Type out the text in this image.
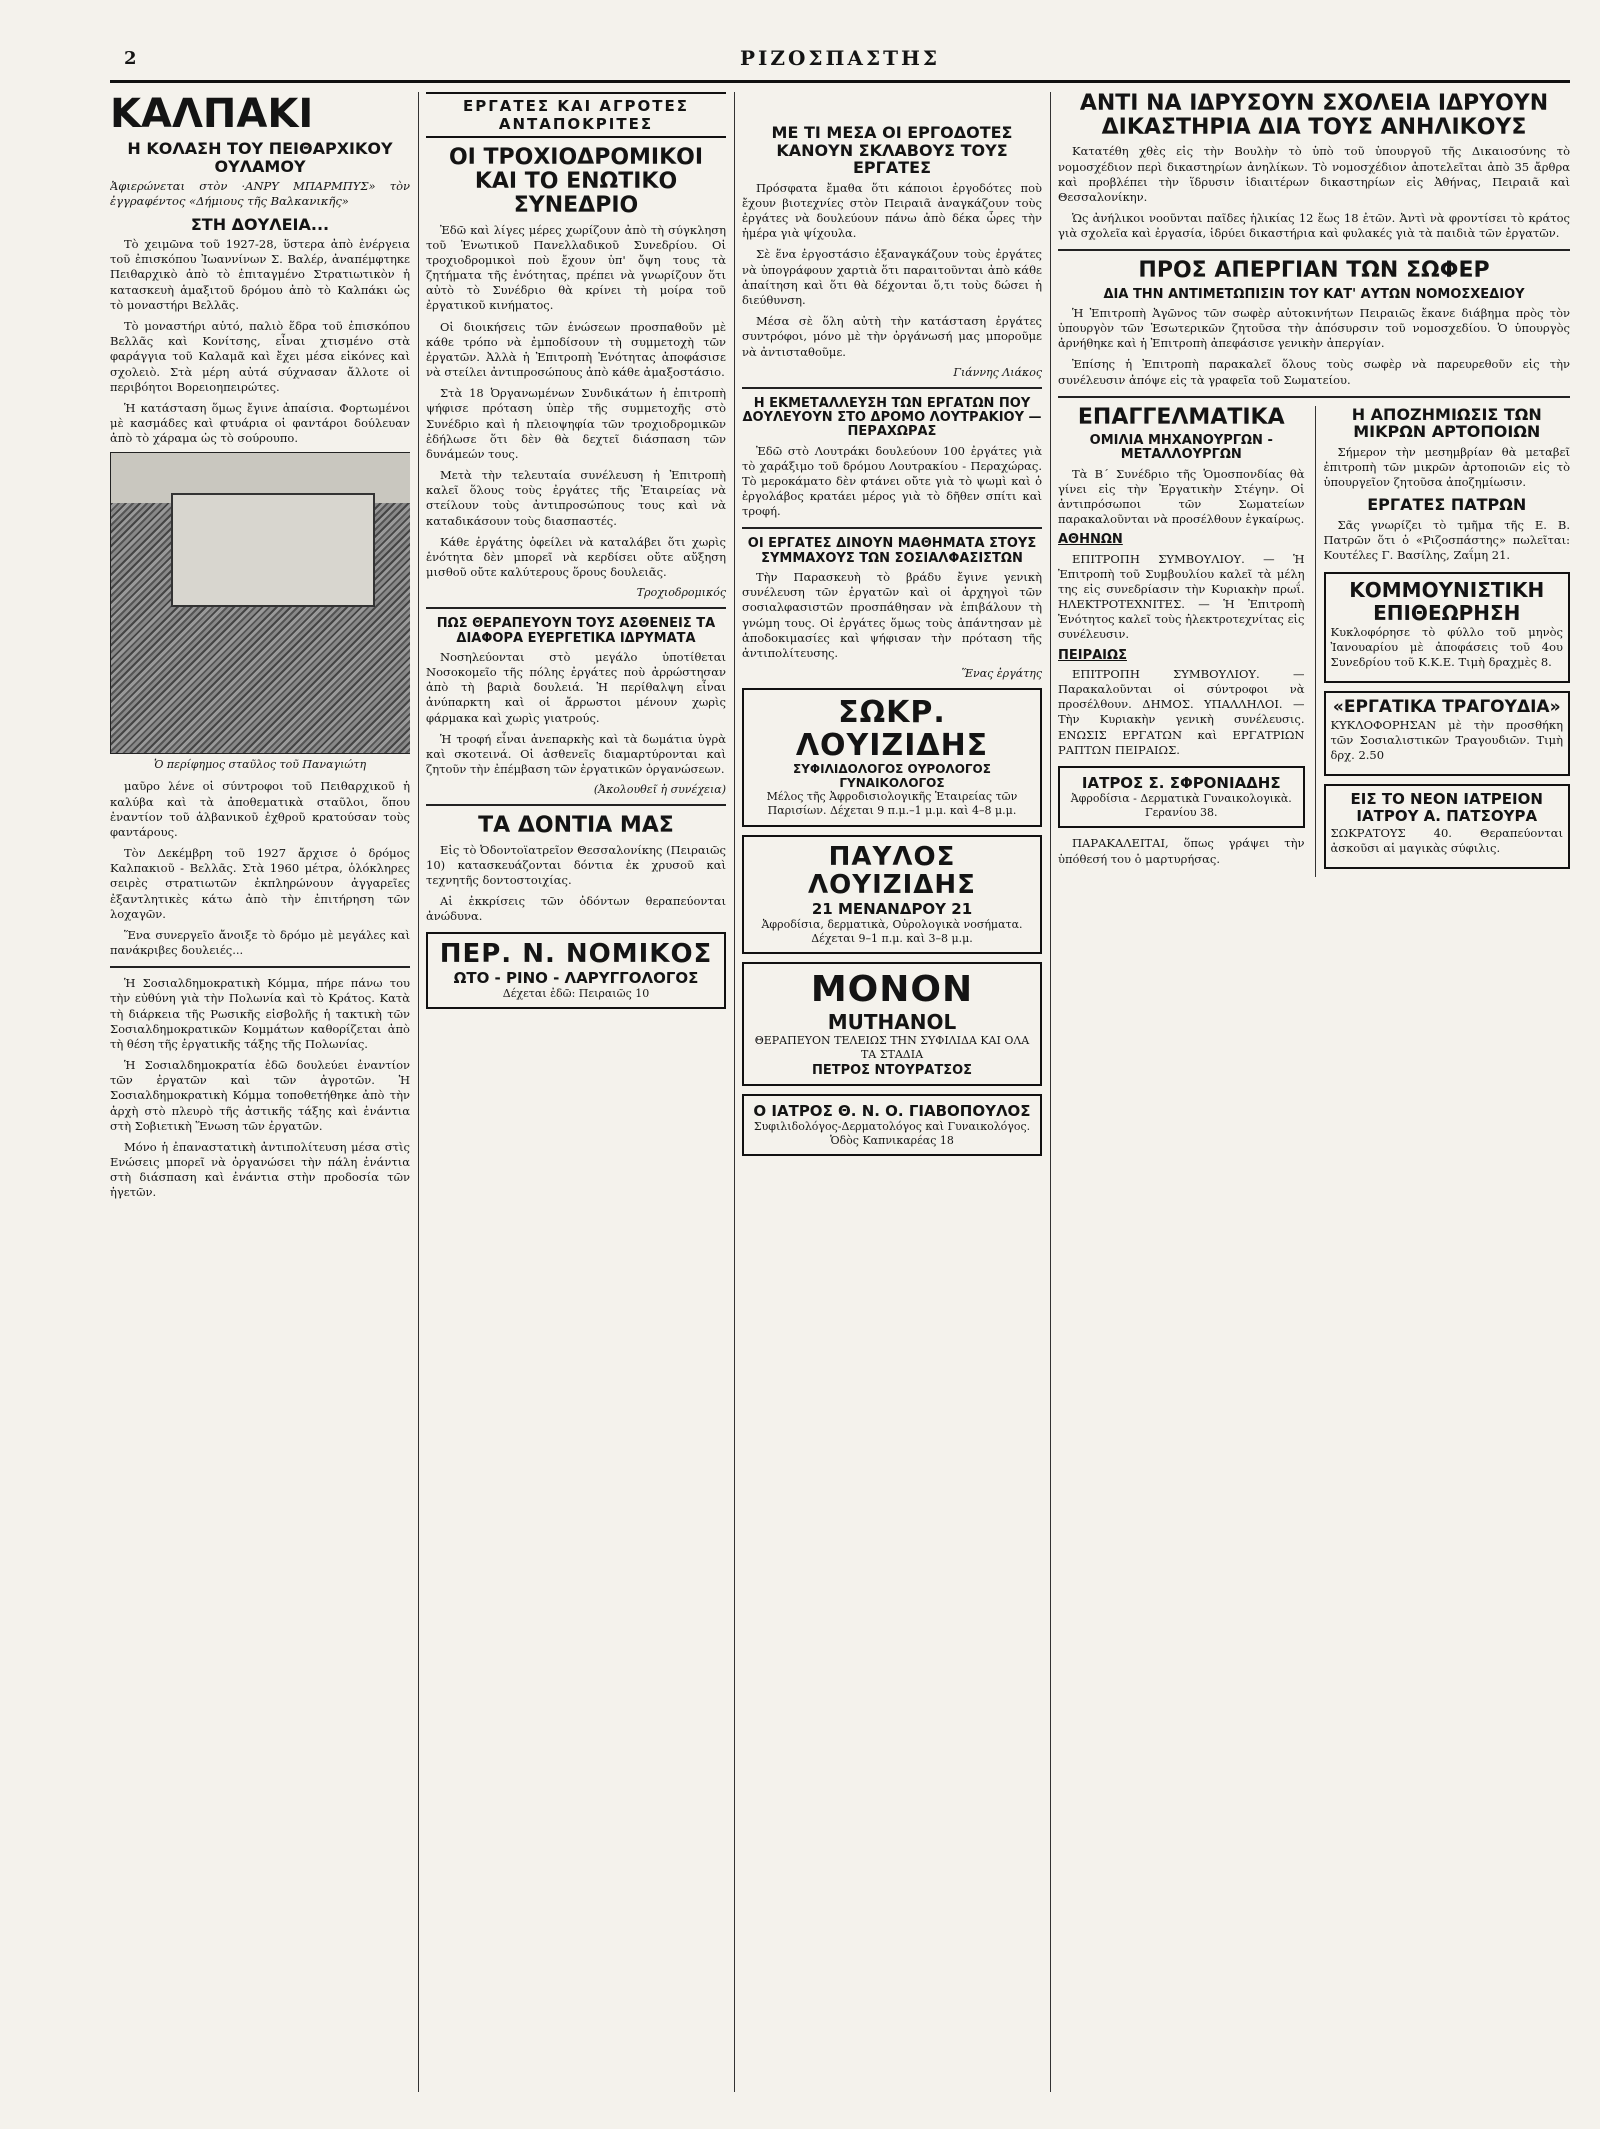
2	ΡΙΖΟΣΠΑΣΤΗΣ
ΚΑΛΠΑΚΙ
Η ΚΟΛΑΣΗ ΤΟΥ ΠΕΙΘΑΡΧΙΚΟΥ ΟΥΛΑΜΟΥ

Ἀφιερώνεται στὸν ·ΑΝΡΥ ΜΠΑΡΜΠΥΣ» τὸν ἐγγραφέντος «Δήμιους τῆς Βαλκανικῆς»

ΣΤΗ ΔΟΥΛΕΙΑ...

Τὸ χειμῶνα τοῦ 1927-28, ὕστερα ἀπὸ ἐνέργεια τοῦ ἐπισκόπου Ἰωαννίνων Σ. Βαλέρ, ἀναπέμφτηκε Πειθαρχικὸ ἀπὸ τὸ ἐπιταγμένο Στρατιωτικὸν ἡ κατασκευὴ ἁμαξιτοῦ δρόμου ἀπὸ τὸ Καλπάκι ὡς τὸ μοναστήρι Βελλᾶς.

Τὸ μοναστήρι αὐτό, παλιὸ ἕδρα τοῦ ἐπισκόπου Βελλᾶς καὶ Κονίτσης, εἶναι χτισμένο στὰ φαράγγια τοῦ Καλαμᾶ καὶ ἔχει μέσα εἰκόνες καὶ σχολειὸ. Στὰ μέρη αὐτά σύχνασαν ἄλλοτε οἱ περιβόητοι Βορειοηπειρώτες.

Ἡ κατάσταση ὅμως ἔγινε ἀπαίσια. Φορτωμένοι μὲ κασμάδες καὶ φτυάρια οἱ φαντάροι δούλευαν ἀπὸ τὸ χάραμα ὡς τὸ σούρουπο.

Ὁ περίφημος σταῦλος τοῦ Παναγιώτη

μαῦρο λένε οἱ σύντροφοι τοῦ Πειθαρχικοῦ ἡ καλύβα καὶ τὰ ἀποθεματικὰ σταῦλοι, ὅπου ἐναντίον τοῦ ἀλβανικοῦ ἐχθροῦ κρατούσαν τοὺς φαντάρους.

Τὸν Δεκέμβρη τοῦ 1927 ἄρχισε ὁ δρόμος Καλπακιοῦ - Βελλᾶς. Στὰ 1960 μέτρα, ὁλόκληρες σειρὲς στρατιωτῶν ἐκπληρώνουν ἀγγαρεῖες ἐξαντλητικὲς κάτω ἀπὸ τὴν ἐπιτήρηση τῶν λοχαγῶν.

Ἕνα συνεργεῖο ἄνοιξε τὸ δρόμο μὲ μεγάλες καὶ πανάκριβες δουλειές...

Ἡ Σοσιαλδημοκρατικὴ Κόμμα, πήρε πάνω του τὴν εὐθύνη γιὰ τὴν Πολωνία καὶ τὸ Κράτος. Κατὰ τὴ διάρκεια τῆς Ρωσικῆς εἰσβολῆς ἡ τακτικὴ τῶν Σοσιαλδημοκρατικῶν Κομμάτων καθορίζεται ἀπὸ τὴ θέση τῆς ἐργατικῆς τάξης τῆς Πολωνίας.

Ἡ Σοσιαλδημοκρατία ἐδῶ δουλεύει ἐναντίον τῶν ἐργατῶν καὶ τῶν ἀγροτῶν. Ἡ Σοσιαλδημοκρατικὴ Κόμμα τοποθετήθηκε ἀπὸ τὴν ἀρχὴ στὸ πλευρὸ τῆς ἀστικῆς τάξης καὶ ἐνάντια στὴ Σοβιετικὴ Ἕνωση τῶν ἐργατῶν.

Μόνο ἡ ἐπαναστατικὴ ἀντιπολίτευση μέσα στὶς Ενώσεις μπορεῖ νὰ ὀργανώσει τὴν πάλη ἐνάντια στὴ διάσπαση καὶ ἐνάντια στὴν προδοσία τῶν ἡγετῶν.

ΕΡΓΑΤΕΣ ΚΑΙ ΑΓΡΟΤΕΣ ΑΝΤΑΠΟΚΡΙΤΕΣ
ΟΙ ΤΡΟΧΙΟΔΡΟΜΙΚΟΙ ΚΑΙ ΤΟ ΕΝΩΤΙΚΟ ΣΥΝΕΔΡΙΟ

Ἐδῶ καὶ λίγες μέρες χωρίζουν ἀπὸ τὴ σύγκληση τοῦ Ἑνωτικοῦ Πανελλαδικοῦ Συνεδρίου. Οἱ τροχιοδρομικοὶ ποὺ ἔχουν ὑπ' ὄψη τους τὰ ζητήματα τῆς ἑνότητας, πρέπει νὰ γνωρίζουν ὅτι αὐτὸ τὸ Συνέδριο θὰ κρίνει τὴ μοίρα τοῦ ἐργατικοῦ κινήματος.

Οἱ διοικήσεις τῶν ἑνώσεων προσπαθοῦν μὲ κάθε τρόπο νὰ ἐμποδίσουν τὴ συμμετοχὴ τῶν ἐργατῶν. Ἀλλὰ ἡ Ἐπιτροπὴ Ἑνότητας ἀποφάσισε νὰ στείλει ἀντιπροσώπους ἀπὸ κάθε ἀμαξοστάσιο.

Στὰ 18 Ὀργανωμένων Συνδικάτων ἡ ἐπιτροπὴ ψήφισε πρόταση ὑπὲρ τῆς συμμετοχῆς στὸ Συνέδριο καὶ ἡ πλειοψηφία τῶν τροχιοδρομικῶν ἐδήλωσε ὅτι δὲν θὰ δεχτεῖ διάσπαση τῶν δυνάμεών τους.

Μετὰ τὴν τελευταία συνέλευση ἡ Ἐπιτροπὴ καλεῖ ὅλους τοὺς ἐργάτες τῆς Ἑταιρείας νὰ στείλουν τοὺς ἀντιπροσώπους τους καὶ νὰ καταδικάσουν τοὺς διασπαστές.

Κάθε ἐργάτης ὀφείλει νὰ καταλάβει ὅτι χωρὶς ἑνότητα δὲν μπορεῖ νὰ κερδίσει οὔτε αὔξηση μισθοῦ οὔτε καλύτερους ὅρους δουλειᾶς.

Τροχιοδρομικός
ΠΩΣ ΘΕΡΑΠΕΥΟΥΝ ΤΟΥΣ ΑΣΘΕΝΕΙΣ ΤΑ ΔΙΑΦΟΡΑ ΕΥΕΡΓΕΤΙΚΑ ΙΔΡΥΜΑΤΑ

Νοσηλεύονται στὸ μεγάλο ὑποτίθεται Νοσοκομεῖο τῆς πόλης ἐργάτες ποὺ ἀρρώστησαν ἀπὸ τὴ βαριὰ δουλειά. Ἡ περίθαλψη εἶναι ἀνύπαρκτη καὶ οἱ ἄρρωστοι μένουν χωρὶς φάρμακα καὶ χωρὶς γιατρούς.

Ἡ τροφή εἶναι ἀνεπαρκὴς καὶ τὰ δωμάτια ὑγρὰ καὶ σκοτεινά. Οἱ ἀσθενεῖς διαμαρτύρονται καὶ ζητοῦν τὴν ἐπέμβαση τῶν ἐργατικῶν ὀργανώσεων.

(Ἀκολουθεῖ ἡ συνέχεια)
ΤΑ ΔΟΝΤΙΑ ΜΑΣ

Εἰς τὸ Ὀδοντοϊατρεῖον Θεσσαλονίκης (Πειραιῶς 10) κατασκευάζονται δόντια ἐκ χρυσοῦ καὶ τεχνητῆς δοντοστοιχίας.

Αἱ ἐκκρίσεις τῶν ὀδόντων θεραπεύονται ἀνώδυνα.

ΠΕΡ. Ν. ΝΟΜΙΚΟΣ
ΩΤΟ - ΡΙΝΟ - ΛΑΡΥΓΓΟΛΟΓΟΣ
Δέχεται ἐδῶ: Πειραιῶς 10
ΜΕ ΤΙ ΜΕΣΑ ΟΙ ΕΡΓΟΔΟΤΕΣ ΚΑΝΟΥΝ ΣΚΛΑΒΟΥΣ ΤΟΥΣ ΕΡΓΑΤΕΣ

Πρόσφατα ἔμαθα ὅτι κάποιοι ἐργοδότες ποὺ ἔχουν βιοτεχνίες στὸν Πειραιᾶ ἀναγκάζουν τοὺς ἐργάτες νὰ δουλεύουν πάνω ἀπὸ δέκα ὧρες τὴν ἡμέρα γιὰ ψίχουλα.

Σὲ ἕνα ἐργοστάσιο ἐξαναγκάζουν τοὺς ἐργάτες νὰ ὑπογράφουν χαρτιὰ ὅτι παραιτοῦνται ἀπὸ κάθε ἀπαίτηση καὶ ὅτι θὰ δέχονται ὅ,τι τοὺς δώσει ἡ διεύθυνση.

Μέσα σὲ ὅλη αὐτὴ τὴν κατάσταση ἐργάτες συντρόφοι, μόνο μὲ τὴν ὀργάνωσή μας μποροῦμε νὰ ἀντισταθοῦμε.

Γιάννης Λιάκος
Η ΕΚΜΕΤΑΛΛΕΥΣΗ ΤΩΝ ΕΡΓΑΤΩΝ ΠΟΥ ΔΟΥΛΕΥΟΥΝ ΣΤΟ ΔΡΟΜΟ ΛΟΥΤΡΑΚΙΟΥ — ΠΕΡΑΧΩΡΑΣ

Ἐδῶ στὸ Λουτράκι δουλεύουν 100 ἐργάτες γιὰ τὸ χαράξιμο τοῦ δρόμου Λουτρακίου - Περαχώρας. Τὸ μεροκάματο δὲν φτάνει οὔτε γιὰ τὸ ψωμὶ καὶ ὁ ἐργολάβος κρατάει μέρος γιὰ τὸ δῆθεν σπίτι καὶ τροφή.

ΟΙ ΕΡΓΑΤΕΣ ΔΙΝΟΥΝ ΜΑΘΗΜΑΤΑ ΣΤΟΥΣ ΣΥΜΜΑΧΟΥΣ ΤΩΝ ΣΟΣΙΑΛΦΑΣΙΣΤΩΝ

Τὴν Παρασκευὴ τὸ βράδυ ἔγινε γενικὴ συνέλευση τῶν ἐργατῶν καὶ οἱ ἀρχηγοὶ τῶν σοσιαλφασιστῶν προσπάθησαν νὰ ἐπιβάλουν τὴ γνώμη τους. Οἱ ἐργάτες ὅμως τοὺς ἀπάντησαν μὲ ἀποδοκιμασίες καὶ ψήφισαν τὴν πρόταση τῆς ἀντιπολίτευσης.

Ἕνας ἐργάτης
ΣΩΚΡ. ΛΟΥΙΖΙΔΗΣ
ΣΥΦΙΛΙΔΟΛΟΓΟΣ ΟΥΡΟΛΟΓΟΣ ΓΥΝΑΙΚΟΛΟΓΟΣ
Μέλος τῆς Ἀφροδισιολογικῆς Ἑταιρείας τῶν Παρισίων. Δέχεται 9 π.μ.–1 μ.μ. καὶ 4–8 μ.μ.
ΠΑΥΛΟΣ ΛΟΥΙΖΙΔΗΣ
21 ΜΕΝΑΝΔΡΟΥ 21
Ἀφροδίσια, δερματικὰ, Οὐρολογικὰ νοσήματα. Δέχεται 9–1 π.μ. καὶ 3–8 μ.μ.
ΜΟΝΟΝ
MUTHANOL
ΘΕΡΑΠΕΥΟΝ ΤΕΛΕΙΩΣ ΤΗΝ ΣΥΦΙΛΙΔΑ ΚΑΙ ΟΛΑ ΤΑ ΣΤΑΔΙΑ
ΠΕΤΡΟΣ ΝΤΟΥΡΑΤΣΟΣ
Ο ΙΑΤΡΟΣ Θ. Ν. Ο. ΓΙΑΒΟΠΟΥΛΟΣ
Συφιλιδολόγος-Δερματολόγος καὶ Γυναικολόγος. Ὁδὸς Καπνικαρέας 18
ΑΝΤΙ ΝΑ ΙΔΡΥΣΟΥΝ ΣΧΟΛΕΙΑ ΙΔΡΥΟΥΝ ΔΙΚΑΣΤΗΡΙΑ ΔΙΑ ΤΟΥΣ ΑΝΗΛΙΚΟΥΣ

Κατατέθη χθὲς εἰς τὴν Βουλὴν τὸ ὑπὸ τοῦ ὑπουργοῦ τῆς Δικαιοσύνης τὸ νομοσχέδιον περὶ δικαστηρίων ἀνηλίκων. Τὸ νομοσχέδιον ἀποτελεῖται ἀπὸ 35 ἄρθρα καὶ προβλέπει τὴν ἵδρυσιν ἰδιαιτέρων δικαστηρίων εἰς Ἀθήνας, Πειραιᾶ καὶ Θεσσαλονίκην.

Ὡς ἀνήλικοι νοοῦνται παῖδες ἡλικίας 12 ἕως 18 ἐτῶν. Ἀντὶ νὰ φροντίσει τὸ κράτος γιὰ σχολεῖα καὶ ἐργασία, ἱδρύει δικαστήρια καὶ φυλακές γιὰ τὰ παιδιὰ τῶν ἐργατῶν.

ΠΡΟΣ ΑΠΕΡΓΙΑΝ ΤΩΝ ΣΩΦΕΡ
ΔΙΑ ΤΗΝ ΑΝΤΙΜΕΤΩΠΙΣΙΝ ΤΟΥ ΚΑΤ' ΑΥΤΩΝ ΝΟΜΟΣΧΕΔΙΟΥ

Ἡ Ἐπιτροπὴ Ἀγῶνος τῶν σωφὲρ αὐτοκινήτων Πειραιῶς ἔκανε διάβημα πρὸς τὸν ὑπουργὸν τῶν Ἐσωτερικῶν ζητοῦσα τὴν ἀπόσυρσιν τοῦ νομοσχεδίου. Ὁ ὑπουργὸς ἀρνήθηκε καὶ ἡ Ἐπιτροπὴ ἀπεφάσισε γενικὴν ἀπεργίαν.

Ἐπίσης ἡ Ἐπιτροπὴ παρακαλεῖ ὅλους τοὺς σωφὲρ νὰ παρευρεθοῦν εἰς τὴν συνέλευσιν ἀπόψε εἰς τὰ γραφεῖα τοῦ Σωματείου.

ΕΠΑΓΓΕΛΜΑΤΙΚΑ
ΟΜΙΛΙΑ ΜΗΧΑΝΟΥΡΓΩΝ - ΜΕΤΑΛΛΟΥΡΓΩΝ

Τὰ Β΄ Συνέδριο τῆς Ὁμοσπονδίας θὰ γίνει εἰς τὴν Ἐργατικὴν Στέγην. Οἱ ἀντιπρόσωποι τῶν Σωματείων παρακαλοῦνται νὰ προσέλθουν ἐγκαίρως.

ΑΘΗΝΩΝ

ΕΠΙΤΡΟΠΗ ΣΥΜΒΟΥΛΙΟΥ. — Ἡ Ἐπιτροπὴ τοῦ Συμβουλίου καλεῖ τὰ μέλη της εἰς συνεδρίασιν τὴν Κυριακὴν πρωΐ. ΗΛΕΚΤΡΟΤΕΧΝΙΤΕΣ. — Ἡ Ἐπιτροπὴ Ἑνότητος καλεῖ τοὺς ἠλεκτροτεχνίτας εἰς συνέλευσιν.

ΠΕΙΡΑΙΩΣ

ΕΠΙΤΡΟΠΗ ΣΥΜΒΟΥΛΙΟΥ. — Παρακαλοῦνται οἱ σύντροφοι νὰ προσέλθουν. ΔΗΜΟΣ. ΥΠΑΛΛΗΛΟΙ. — Τὴν Κυριακὴν γενικὴ συνέλευσις. ΕΝΩΣΙΣ ΕΡΓΑΤΩΝ καὶ ΕΡΓΑΤΡΙΩΝ ΡΑΠΤΩΝ ΠΕΙΡΑΙΩΣ.

ΙΑΤΡΟΣ Σ. ΣΦΡΟΝΙΑΔΗΣ
Ἀφροδίσια - Δερματικὰ Γυναικολογικὰ. Γερανίου 38.

ΠΑΡΑΚΑΛΕΙΤΑΙ, ὅπως γράψει τὴν ὑπόθεσή του ὁ μαρτυρήσας.

Η ΑΠΟΖΗΜΙΩΣΙΣ ΤΩΝ ΜΙΚΡΩΝ ΑΡΤΟΠΟΙΩΝ

Σήμερον τὴν μεσημβρίαν θὰ μεταβεῖ ἐπιτροπὴ τῶν μικρῶν ἀρτοποιῶν εἰς τὸ ὑπουργεῖον ζητοῦσα ἀποζημίωσιν.

ΕΡΓΑΤΕΣ ΠΑΤΡΩΝ

Σᾶς γνωρίζει τὸ τμῆμα τῆς Ε. Β. Πατρῶν ὅτι ὁ «Ριζοσπάστης» πωλεῖται: Κουτέλες Γ. Βασίλης, Ζαΐμη 21.

ΚΟΜΜΟΥΝΙΣΤΙΚΗ ΕΠΙΘΕΩΡΗΣΗ

Κυκλοφόρησε τὸ φύλλο τοῦ μηνὸς Ἰανουαρίου μὲ ἀποφάσεις τοῦ 4ου Συνεδρίου τοῦ Κ.Κ.Ε. Τιμὴ δραχμὲς 8.

«ΕΡΓΑΤΙΚΑ ΤΡΑΓΟΥΔΙΑ»

ΚΥΚΛΟΦΟΡΗΣΑΝ μὲ τὴν προσθήκη τῶν Σοσιαλιστικῶν Τραγουδιῶν. Τιμὴ δρχ. 2.50

ΕΙΣ ΤΟ ΝΕΟΝ ΙΑΤΡΕΙΟΝ ΙΑΤΡΟΥ Α. ΠΑΤΣΟΥΡΑ

ΣΩΚΡΑΤΟΥΣ 40. Θεραπεύονται ἀσκοῦσι αἱ μαγικὰς σύφιλις.
